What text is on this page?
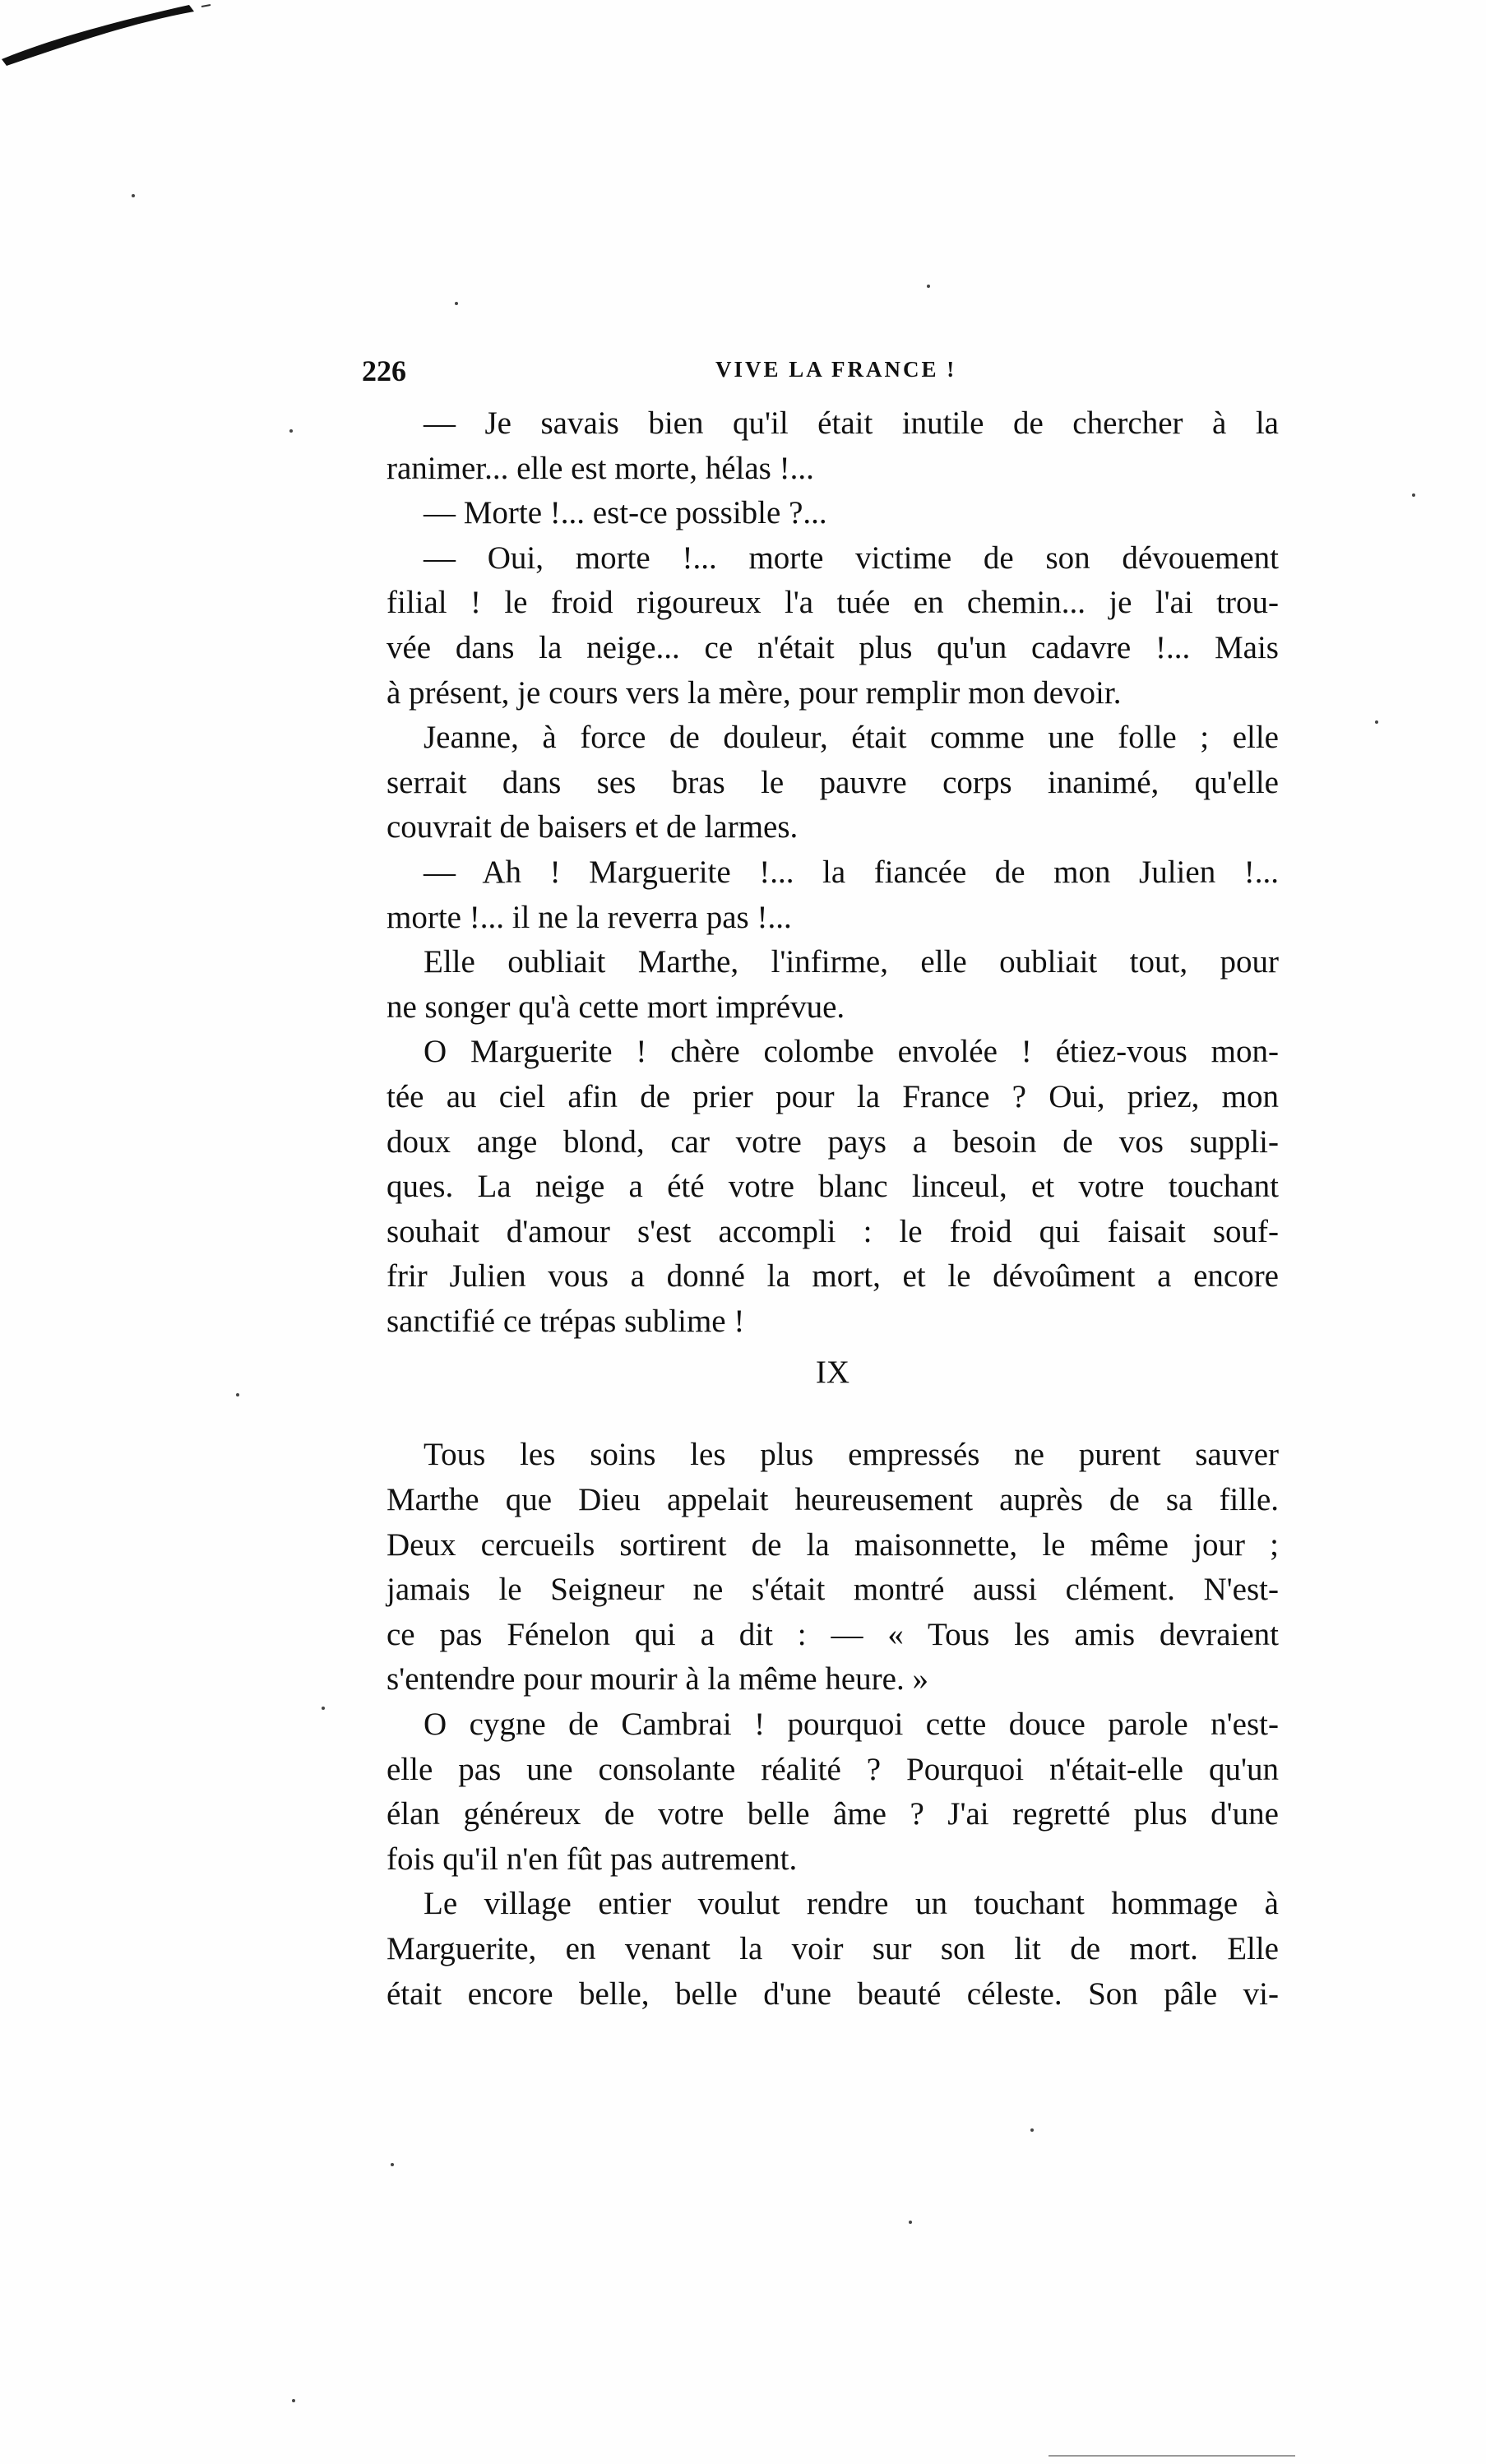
226	VIVE LA FRANCE !
— Je savais bien qu'il était inutile de chercher à la
ranimer... elle est morte, hélas !...
— Morte !... est-ce possible ?...
— Oui, morte !... morte victime de son dévouement
filial ! le froid rigoureux l'a tuée en chemin... je l'ai trou-
vée dans la neige... ce n'était plus qu'un cadavre !... Mais
à présent, je cours vers la mère, pour remplir mon devoir.
Jeanne, à force de douleur, était comme une folle ; elle
serrait dans ses bras le pauvre corps inanimé, qu'elle
couvrait de baisers et de larmes.
— Ah ! Marguerite !... la fiancée de mon Julien !...
morte !... il ne la reverra pas !...
Elle oubliait Marthe, l'infirme, elle oubliait tout, pour
ne songer qu'à cette mort imprévue.
O Marguerite ! chère colombe envolée ! étiez-vous mon-
tée au ciel afin de prier pour la France ? Oui, priez, mon
doux ange blond, car votre pays a besoin de vos suppli-
ques. La neige a été votre blanc linceul, et votre touchant
souhait d'amour s'est accompli : le froid qui faisait souf-
frir Julien vous a donné la mort, et le dévoûment a encore
sanctifié ce trépas sublime !
IX
Tous les soins les plus empressés ne purent sauver
Marthe que Dieu appelait heureusement auprès de sa fille.
Deux cercueils sortirent de la maisonnette, le même jour ;
jamais le Seigneur ne s'était montré aussi clément. N'est-
ce pas Fénelon qui a dit : — « Tous les amis devraient
s'entendre pour mourir à la même heure. »
O cygne de Cambrai ! pourquoi cette douce parole n'est-
elle pas une consolante réalité ? Pourquoi n'était-elle qu'un
élan généreux de votre belle âme ? J'ai regretté plus d'une
fois qu'il n'en fût pas autrement.
Le village entier voulut rendre un touchant hommage à
Marguerite, en venant la voir sur son lit de mort. Elle
était encore belle, belle d'une beauté céleste. Son pâle vi-
